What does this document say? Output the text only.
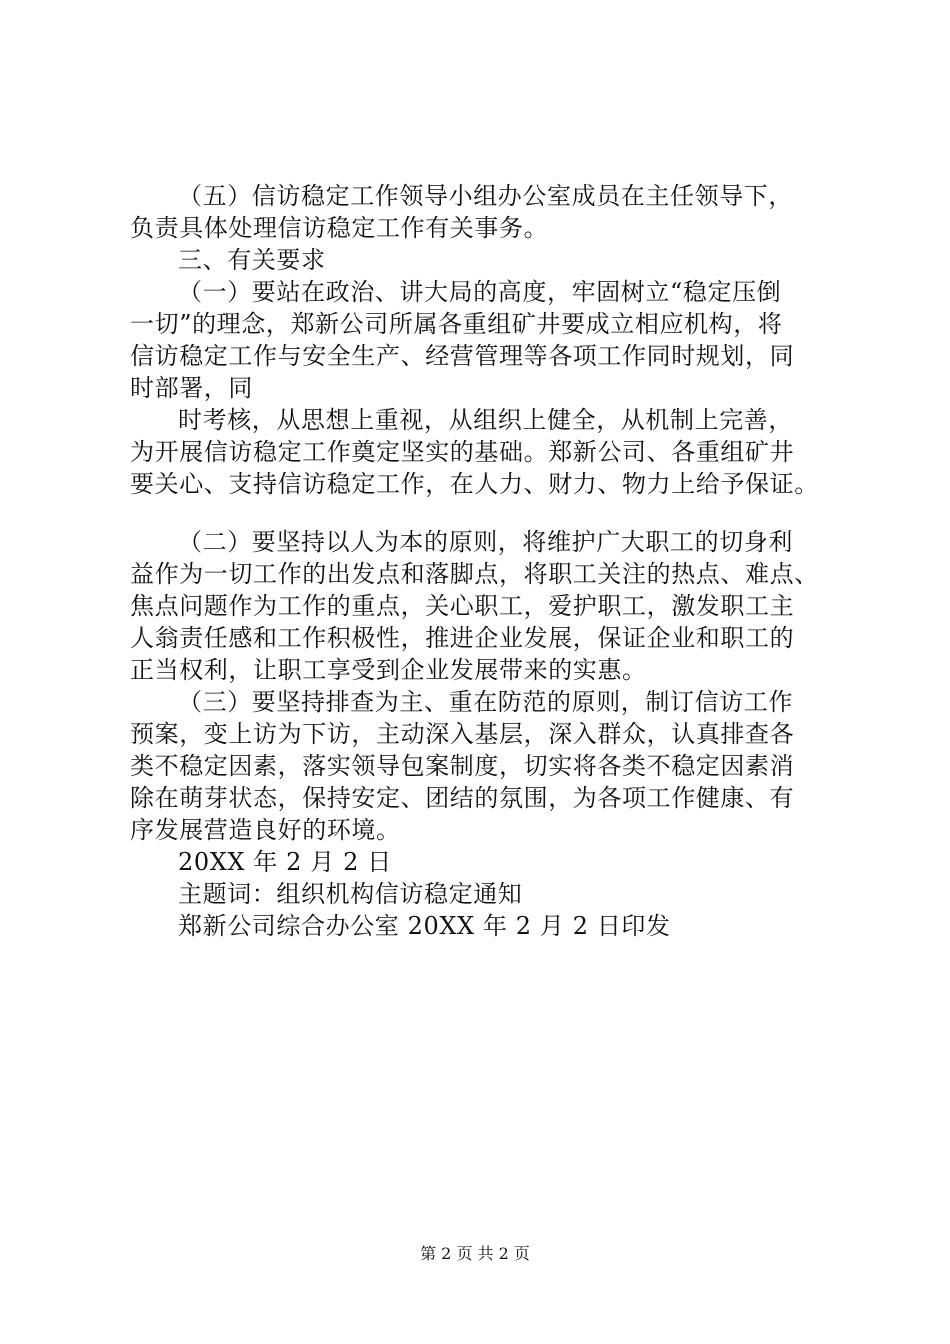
（五）信访稳定工作领导小组办公室成员在主任领导下，
负责具体处理信访稳定工作有关事务。
三、有关要求
（一）要站在政治、讲大局的高度，牢固树立“稳定压倒
一切”的理念，郑新公司所属各重组矿井要成立相应机构，将
信访稳定工作与安全生产、经营管理等各项工作同时规划，同
时部署，同
时考核，从思想上重视，从组织上健全，从机制上完善，
为开展信访稳定工作奠定坚实的基础。郑新公司、各重组矿井
要关心、支持信访稳定工作，在人力、财力、物力上给予保证。
（二）要坚持以人为本的原则，将维护广大职工的切身利
益作为一切工作的出发点和落脚点，将职工关注的热点、难点、
焦点问题作为工作的重点，关心职工，爱护职工，激发职工主
人翁责任感和工作积极性，推进企业发展，保证企业和职工的
正当权利，让职工享受到企业发展带来的实惠。
（三）要坚持排查为主、重在防范的原则，制订信访工作
预案，变上访为下访，主动深入基层，深入群众，认真排查各
类不稳定因素，落实领导包案制度，切实将各类不稳定因素消
除在萌芽状态，保持安定、团结的氛围，为各项工作健康、有
序发展营造良好的环境。
20XX 年 2 月 2 日
主题词：组织机构信访稳定通知
郑新公司综合办公室 20XX 年 2 月 2 日印发
第 2 页 共 2 页
